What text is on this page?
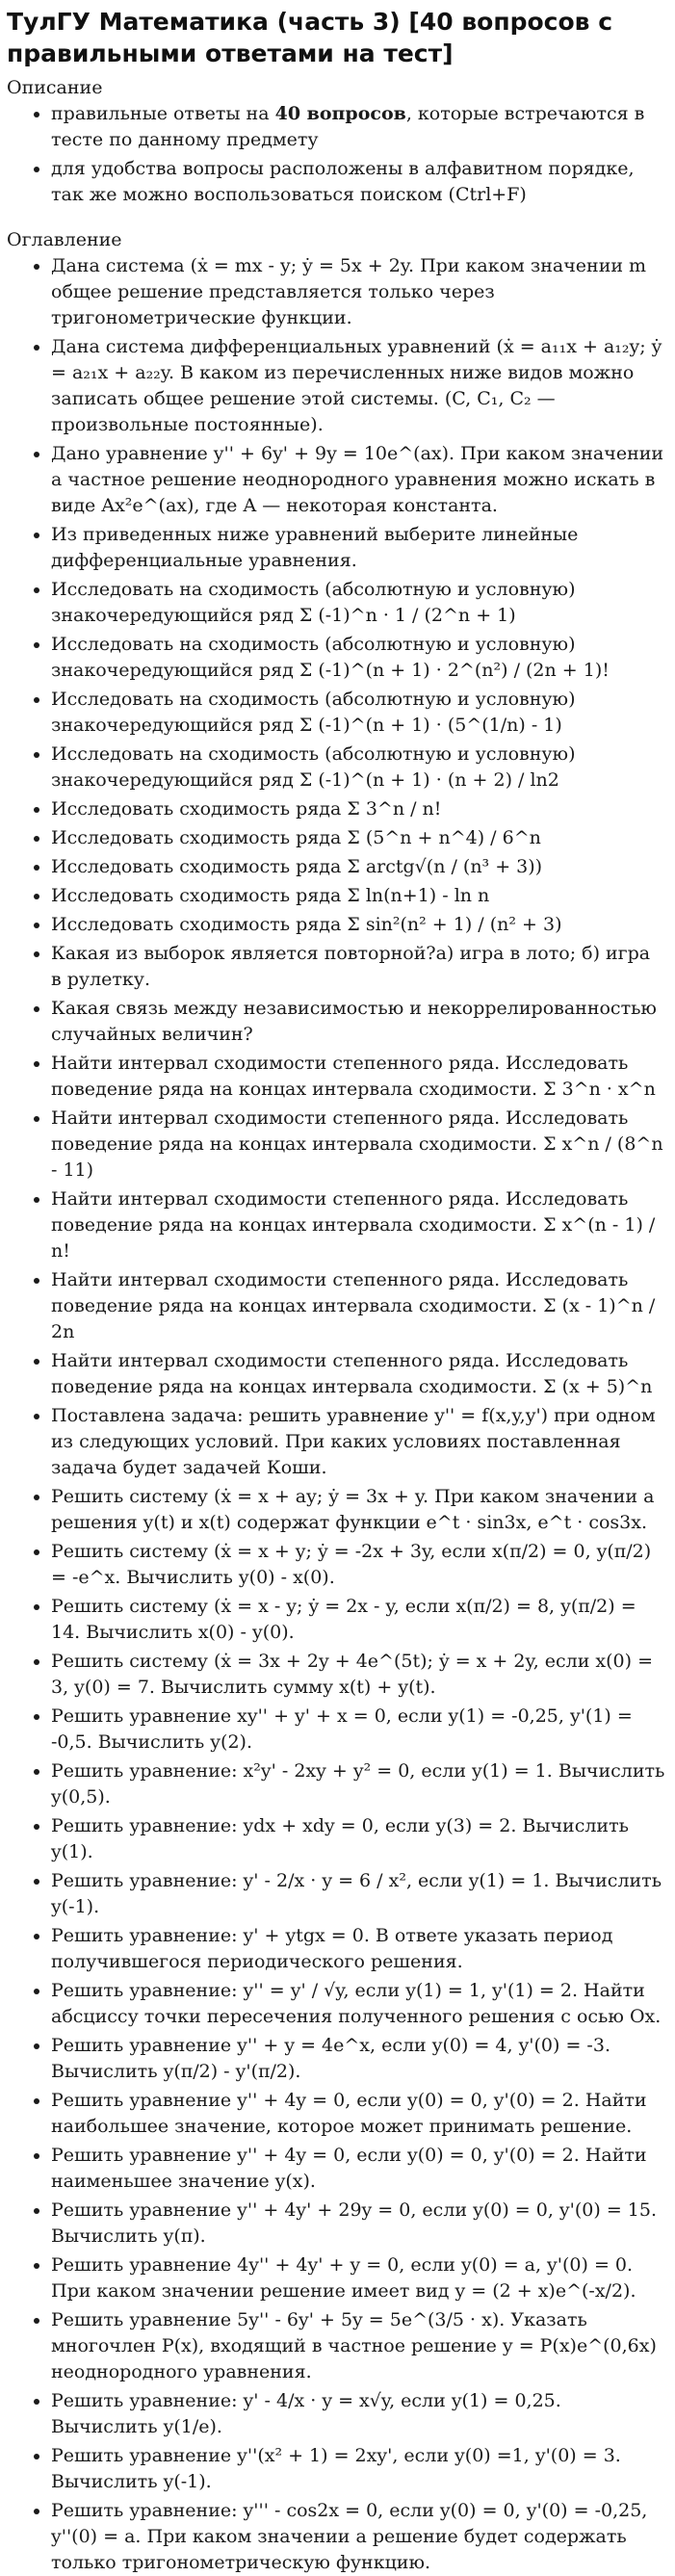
ТулГУ Математика (часть 3) [40 вопросов с правильными ответами на тест]

Описание

• правильные ответы на 40 вопросов, которые встречаются в тесте по данному предмету
• для удобства вопросы расположены в алфавитном порядке, так же можно воспользоваться поиском (Ctrl+F)

Оглавление

• Дана система (ẋ = mx - y; ẏ = 5x + 2y. При каком значении m общее решение представляется только через тригонометрические функции.
• Дана система дифференциальных уравнений (ẋ = a₁₁x + a₁₂y; ẏ = a₂₁x + a₂₂y. В каком из перечисленных ниже видов можно записать общее решение этой системы. (C, C₁, C₂ — произвольные постоянные).
• Дано уравнение y'' + 6y' + 9y = 10e^(ax). При каком значении a частное решение неоднородного уравнения можно искать в виде Ax²e^(ax), где A — некоторая константа.
• Из приведенных ниже уравнений выберите линейные дифференциальные уравнения.
• Исследовать на сходимость (абсолютную и условную) знакочередующийся ряд Σ (-1)^n · 1 / (2^n + 1)
• Исследовать на сходимость (абсолютную и условную) знакочередующийся ряд Σ (-1)^(n + 1) · 2^(n²) / (2n + 1)!
• Исследовать на сходимость (абсолютную и условную) знакочередующийся ряд Σ (-1)^(n + 1) · (5^(1/n) - 1)
• Исследовать на сходимость (абсолютную и условную) знакочередующийся ряд Σ (-1)^(n + 1) · (n + 2) / ln2
• Исследовать сходимость ряда Σ 3^n / n!
• Исследовать сходимость ряда Σ (5^n + n^4) / 6^n
• Исследовать сходимость ряда Σ arctg√(n / (n³ + 3))
• Исследовать сходимость ряда Σ ln(n+1) - ln n
• Исследовать сходимость ряда Σ sin²(n² + 1) / (n² + 3)
• Какая из выборок является повторной?а) игра в лото; б) игра в рулетку.
• Какая связь между независимостью и некоррелированностью случайных величин?
• Найти интервал сходимости степенного ряда. Исследовать поведение ряда на концах интервала сходимости. Σ 3^n · x^n
• Найти интервал сходимости степенного ряда. Исследовать поведение ряда на концах интервала сходимости. Σ x^n / (8^n - 11)
• Найти интервал сходимости степенного ряда. Исследовать поведение ряда на концах интервала сходимости. Σ x^(n - 1) / n!
• Найти интервал сходимости степенного ряда. Исследовать поведение ряда на концах интервала сходимости. Σ (x - 1)^n / 2n
• Найти интервал сходимости степенного ряда. Исследовать поведение ряда на концах интервала сходимости. Σ (x + 5)^n
• Поставлена задача: решить уравнение y'' = f(x,y,y') при одном из следующих условий. При каких условиях поставленная задача будет задачей Коши.
• Решить систему (ẋ = x + ay; ẏ = 3x + y. При каком значении a решения y(t) и x(t) содержат функции e^t · sin3x, e^t · cos3x.
• Решить систему (ẋ = x + y; ẏ = -2x + 3y, если x(π/2) = 0, y(π/2) = -e^x. Вычислить y(0) - x(0).
• Решить систему (ẋ = x - y; ẏ = 2x - y, если x(π/2) = 8, y(π/2) = 14. Вычислить x(0) - y(0).
• Решить систему (ẋ = 3x + 2y + 4e^(5t); ẏ = x + 2y, если x(0) = 3, y(0) = 7. Вычислить сумму x(t) + y(t).
• Решить уравнение xy'' + y' + x = 0, если y(1) = -0,25, y'(1) = -0,5. Вычислить y(2).
• Решить уравнение: x²y' - 2xy + y² = 0, если y(1) = 1. Вычислить y(0,5).
• Решить уравнение: ydx + xdy = 0, если y(3) = 2. Вычислить y(1).
• Решить уравнение: y' - 2/x · y = 6 / x², если y(1) = 1. Вычислить y(-1).
• Решить уравнение: y' + ytgx = 0. В ответе указать период получившегося периодического решения.
• Решить уравнение: y'' = y' / √y, если y(1) = 1, y'(1) = 2. Найти абсциссу точки пересечения полученного решения с осью Ox.
• Решить уравнение y'' + y = 4e^x, если y(0) = 4, y'(0) = -3. Вычислить y(π/2) - y'(π/2).
• Решить уравнение y'' + 4y = 0, если y(0) = 0, y'(0) = 2. Найти наибольшее значение, которое может принимать решение.
• Решить уравнение y'' + 4y = 0, если y(0) = 0, y'(0) = 2. Найти наименьшее значение y(x).
• Решить уравнение y'' + 4y' + 29y = 0, если y(0) = 0, y'(0) = 15. Вычислить y(π).
• Решить уравнение 4y'' + 4y' + y = 0, если y(0) = a, y'(0) = 0. При каком значении решение имеет вид y = (2 + x)e^(-x/2).
• Решить уравнение 5y'' - 6y' + 5y = 5e^(3/5 · x). Указать многочлен P(x), входящий в частное решение y = P(x)e^(0,6x) неоднородного уравнения.
• Решить уравнение: y' - 4/x · y = x√y, если y(1) = 0,25. Вычислить y(1/e).
• Решить уравнение y''(x² + 1) = 2xy', если y(0) =1, y'(0) = 3. Вычислить y(-1).
• Решить уравнение: y''' - cos2x = 0, если y(0) = 0, y'(0) = -0,25, y''(0) = a. При каком значении a решение будет содержать только тригонометрическую функцию.
